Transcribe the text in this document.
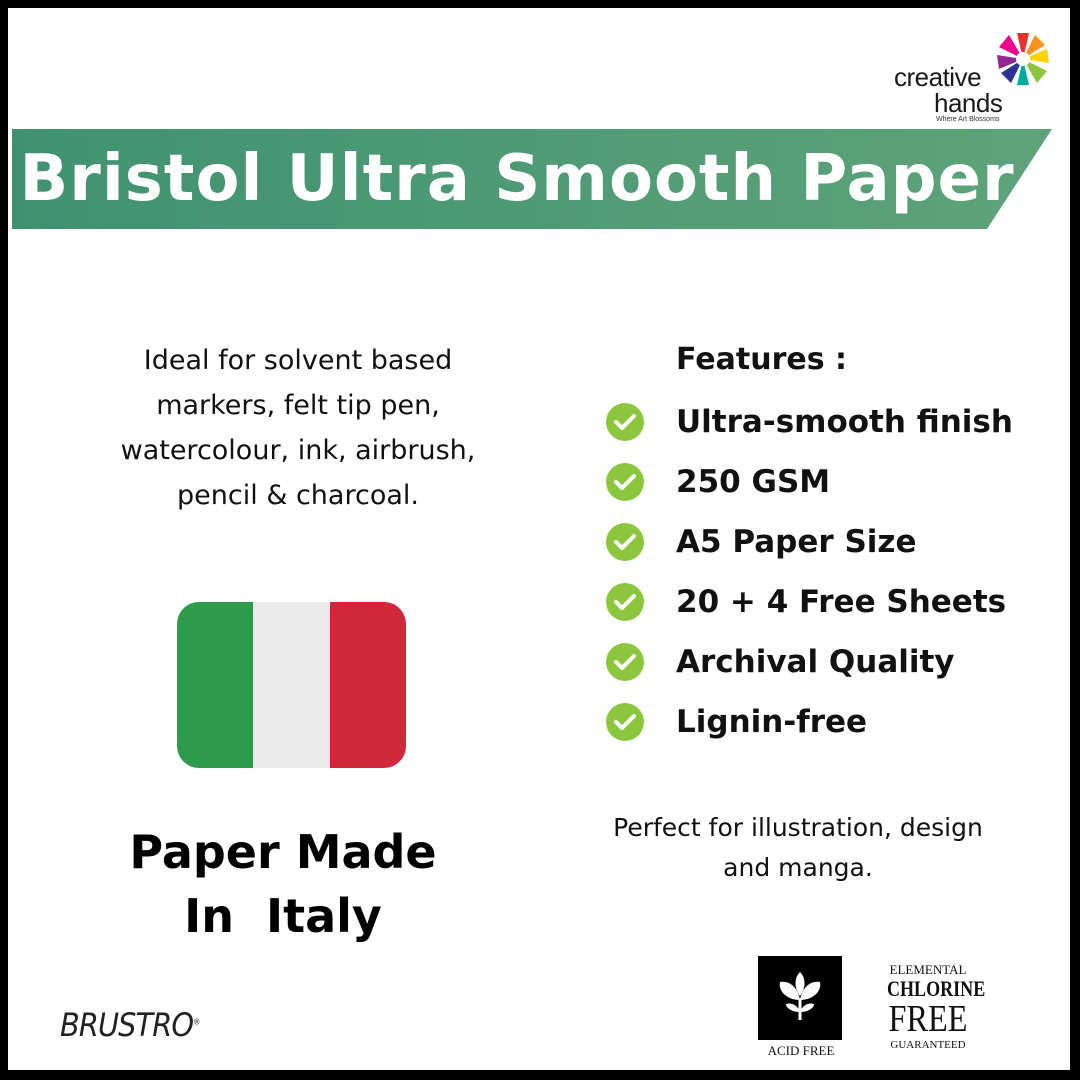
creative
hands
Where Art Blossoms
Bristol Ultra Smooth Paper
Ideal for solvent based
markers, felt tip pen,
watercolour, ink, airbrush,
pencil & charcoal.
Paper Made
In  Italy
BRUSTRO®
Features :
Ultra-smooth finish
250 GSM
A5 Paper Size
20 + 4 Free Sheets
Archival Quality
Lignin-free
Perfect for illustration, design
and manga.
ACID FREE
ELEMENTAL
CHLORINE
FREE
GUARANTEED
